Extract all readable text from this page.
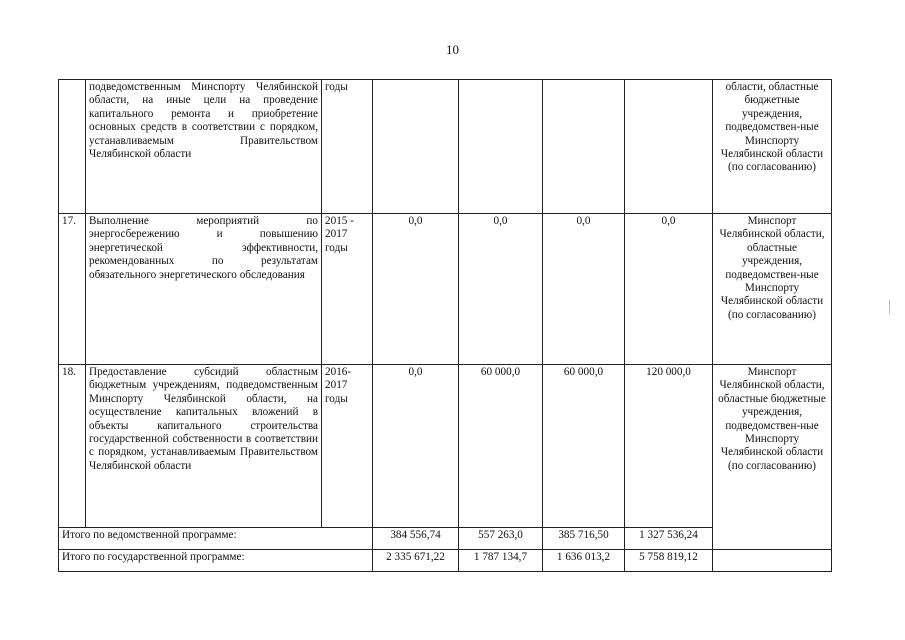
10
	подведомственным Минспорту Челябинской области, на иные цели на проведение капитального ремонта и приобретение основных средств в соответствии с порядком, устанавливаемым Правительством Челябинской области	годы					области, областные бюджетные учреждения, подведомствен-ные Минспорту Челябинской области (по согласованию)
17.	Выполнение мероприятий по энергосбережению и повышению энергетической эффективности, рекомендованных по результатам обязательного энергетического обследования	2015 - 2017 годы	0,0	0,0	0,0	0,0	Минспорт Челябинской области, областные учреждения, подведомствен-ные Минспорту Челябинской области (по согласованию)
18.	Предоставление субсидий областным бюджетным учреждениям, подведомственным Минспорту Челябинской области, на осуществление капитальных вложений в объекты капитального строительства государственной собственности в соответствии с порядком, устанавливаемым Правительством Челябинской области	2016-2017 годы	0,0	60 000,0	60 000,0	120 000,0	Минспорт Челябинской области, областные бюджетные учреждения, подведомствен-ные Минспорту Челябинской области (по согласованию)
Итого по ведомственной программе:			384 556,74	557 263,0	385 716,50	1 327 536,24	
Итого по государственной программе:			2 335 671,22	1 787 134,7	1 636 013,2	5 758 819,12	
